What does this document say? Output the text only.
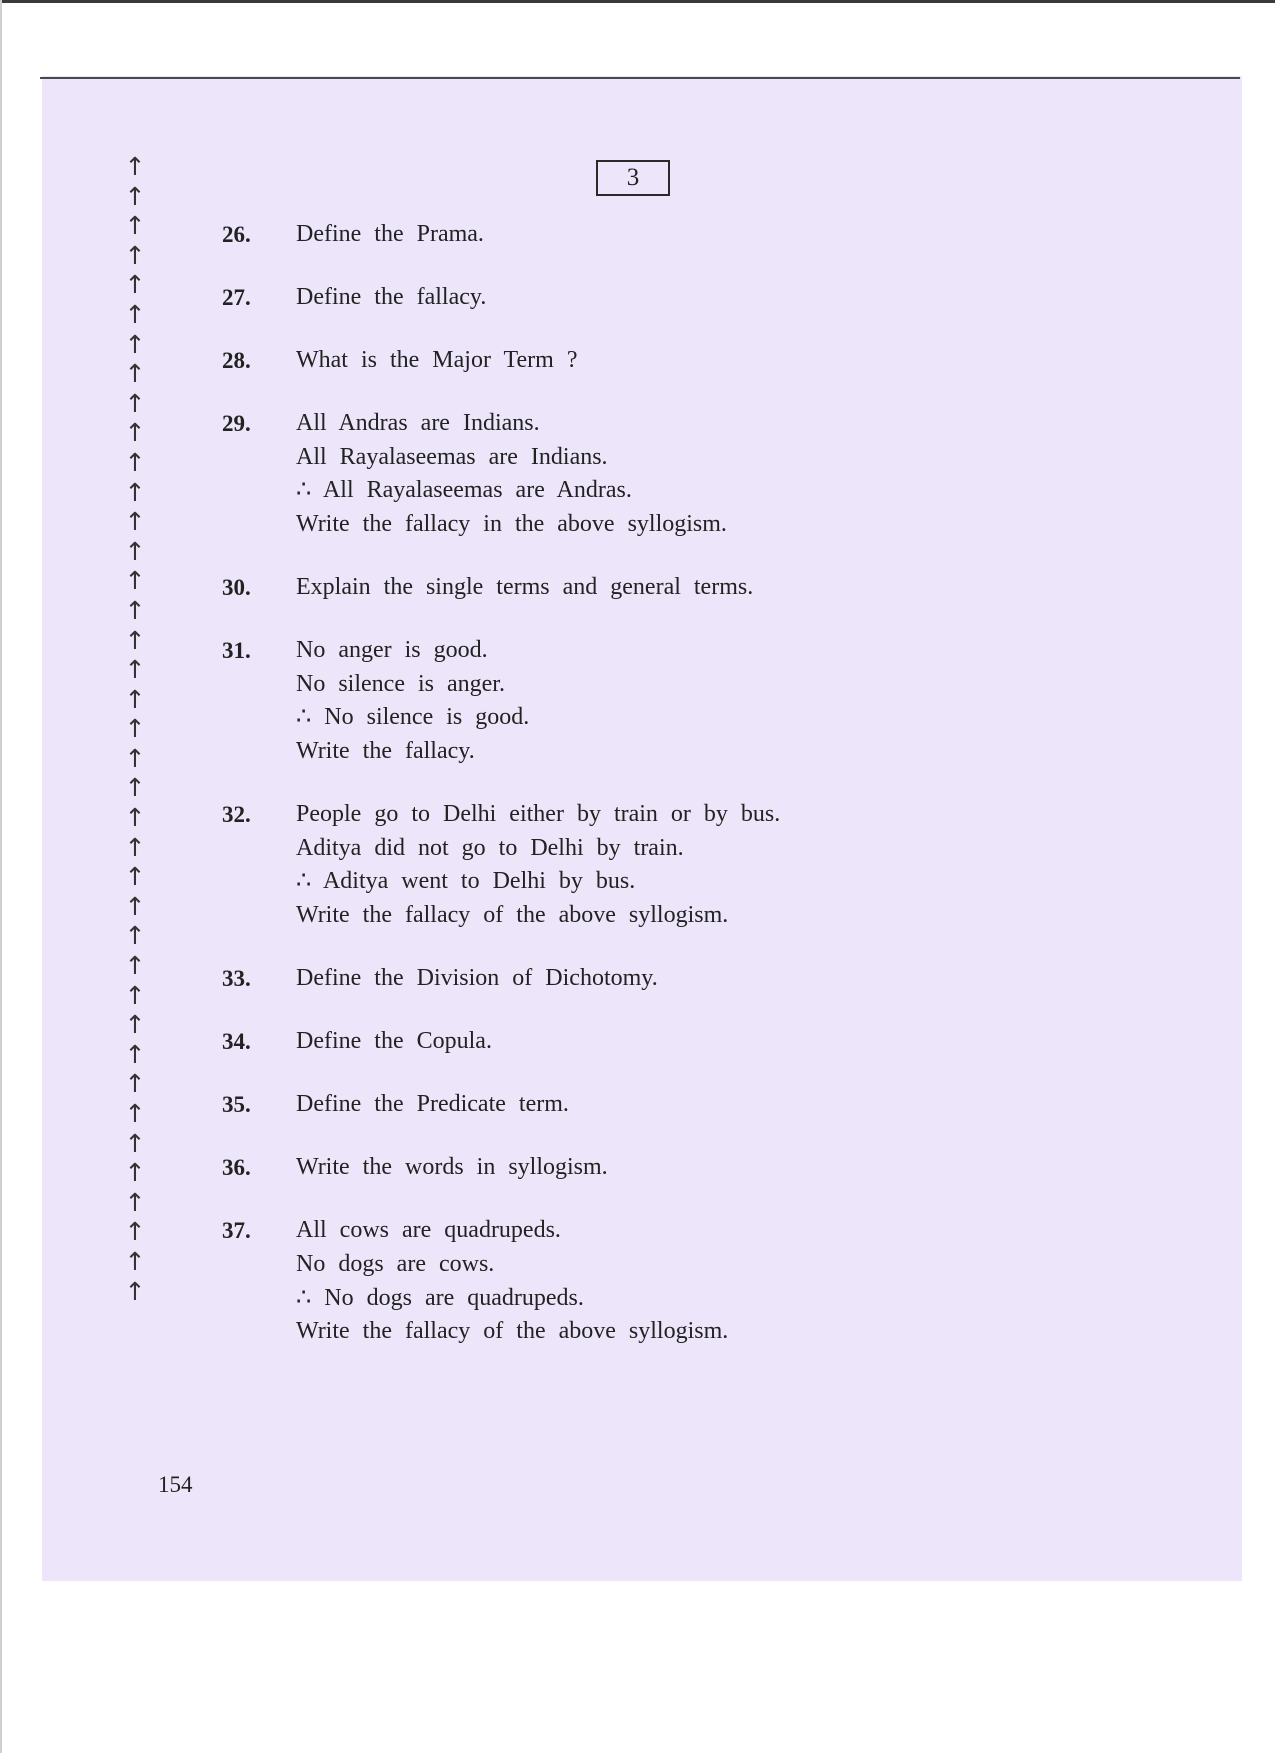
3
↑
↑
↑
↑
↑
↑
↑
↑
↑
↑
↑
↑
↑
↑
↑
↑
↑
↑
↑
↑
↑
↑
↑
↑
↑
↑
↑
↑
↑
↑
↑
↑
↑
↑
↑
↑
↑
↑
↑
26. Define the Prama.
27. Define the fallacy.
28. What is the Major Term ?
29. All Andras are Indians.
All Rayalaseemas are Indians.
∴ All Rayalaseemas are Andras.
Write the fallacy in the above syllogism.
30. Explain the single terms and general terms.
31. No anger is good.
No silence is anger.
∴ No silence is good.
Write the fallacy.
32. People go to Delhi either by train or by bus.
Aditya did not go to Delhi by train.
∴ Aditya went to Delhi by bus.
Write the fallacy of the above syllogism.
33. Define the Division of Dichotomy.
34. Define the Copula.
35. Define the Predicate term.
36. Write the words in syllogism.
37. All cows are quadrupeds.
No dogs are cows.
∴ No dogs are quadrupeds.
Write the fallacy of the above syllogism.
154
